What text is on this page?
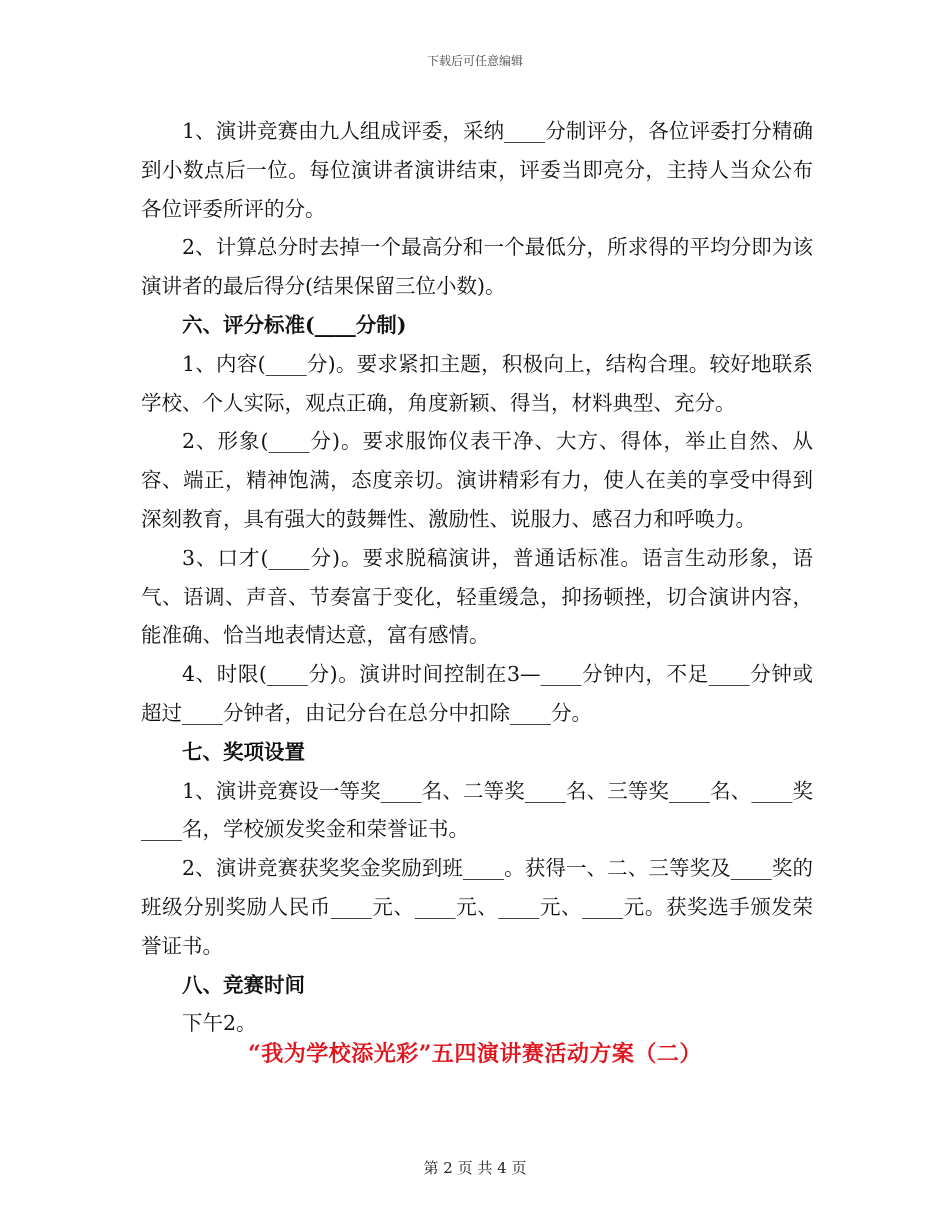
下载后可任意编辑

1、演讲竞赛由九人组成评委，采纳____分制评分，各位评委打分精确到小数点后一位。每位演讲者演讲结束，评委当即亮分，主持人当众公布各位评委所评的分。

2、计算总分时去掉一个最高分和一个最低分，所求得的平均分即为该演讲者的最后得分(结果保留三位小数)。

六、评分标准(____分制)

1、内容(____分)。要求紧扣主题，积极向上，结构合理。较好地联系学校、个人实际，观点正确，角度新颖、得当，材料典型、充分。

2、形象(____分)。要求服饰仪表干净、大方、得体，举止自然、从容、端正，精神饱满，态度亲切。演讲精彩有力，使人在美的享受中得到深刻教育，具有强大的鼓舞性、激励性、说服力、感召力和呼唤力。

3、口才(____分)。要求脱稿演讲，普通话标准。语言生动形象，语气、语调、声音、节奏富于变化，轻重缓急，抑扬顿挫，切合演讲内容，能准确、恰当地表情达意，富有感情。

4、时限(____分)。演讲时间控制在3—____分钟内，不足____分钟或超过____分钟者，由记分台在总分中扣除____分。

七、奖项设置

1、演讲竞赛设一等奖____名、二等奖____名、三等奖____名、____奖____名，学校颁发奖金和荣誉证书。

2、演讲竞赛获奖奖金奖励到班____。获得一、二、三等奖及____奖的班级分别奖励人民币____元、____元、____元、____元。获奖选手颁发荣誉证书。

八、竞赛时间

下午2。

“我为学校添光彩”五四演讲赛活动方案（二）
第 2 页 共 4 页
